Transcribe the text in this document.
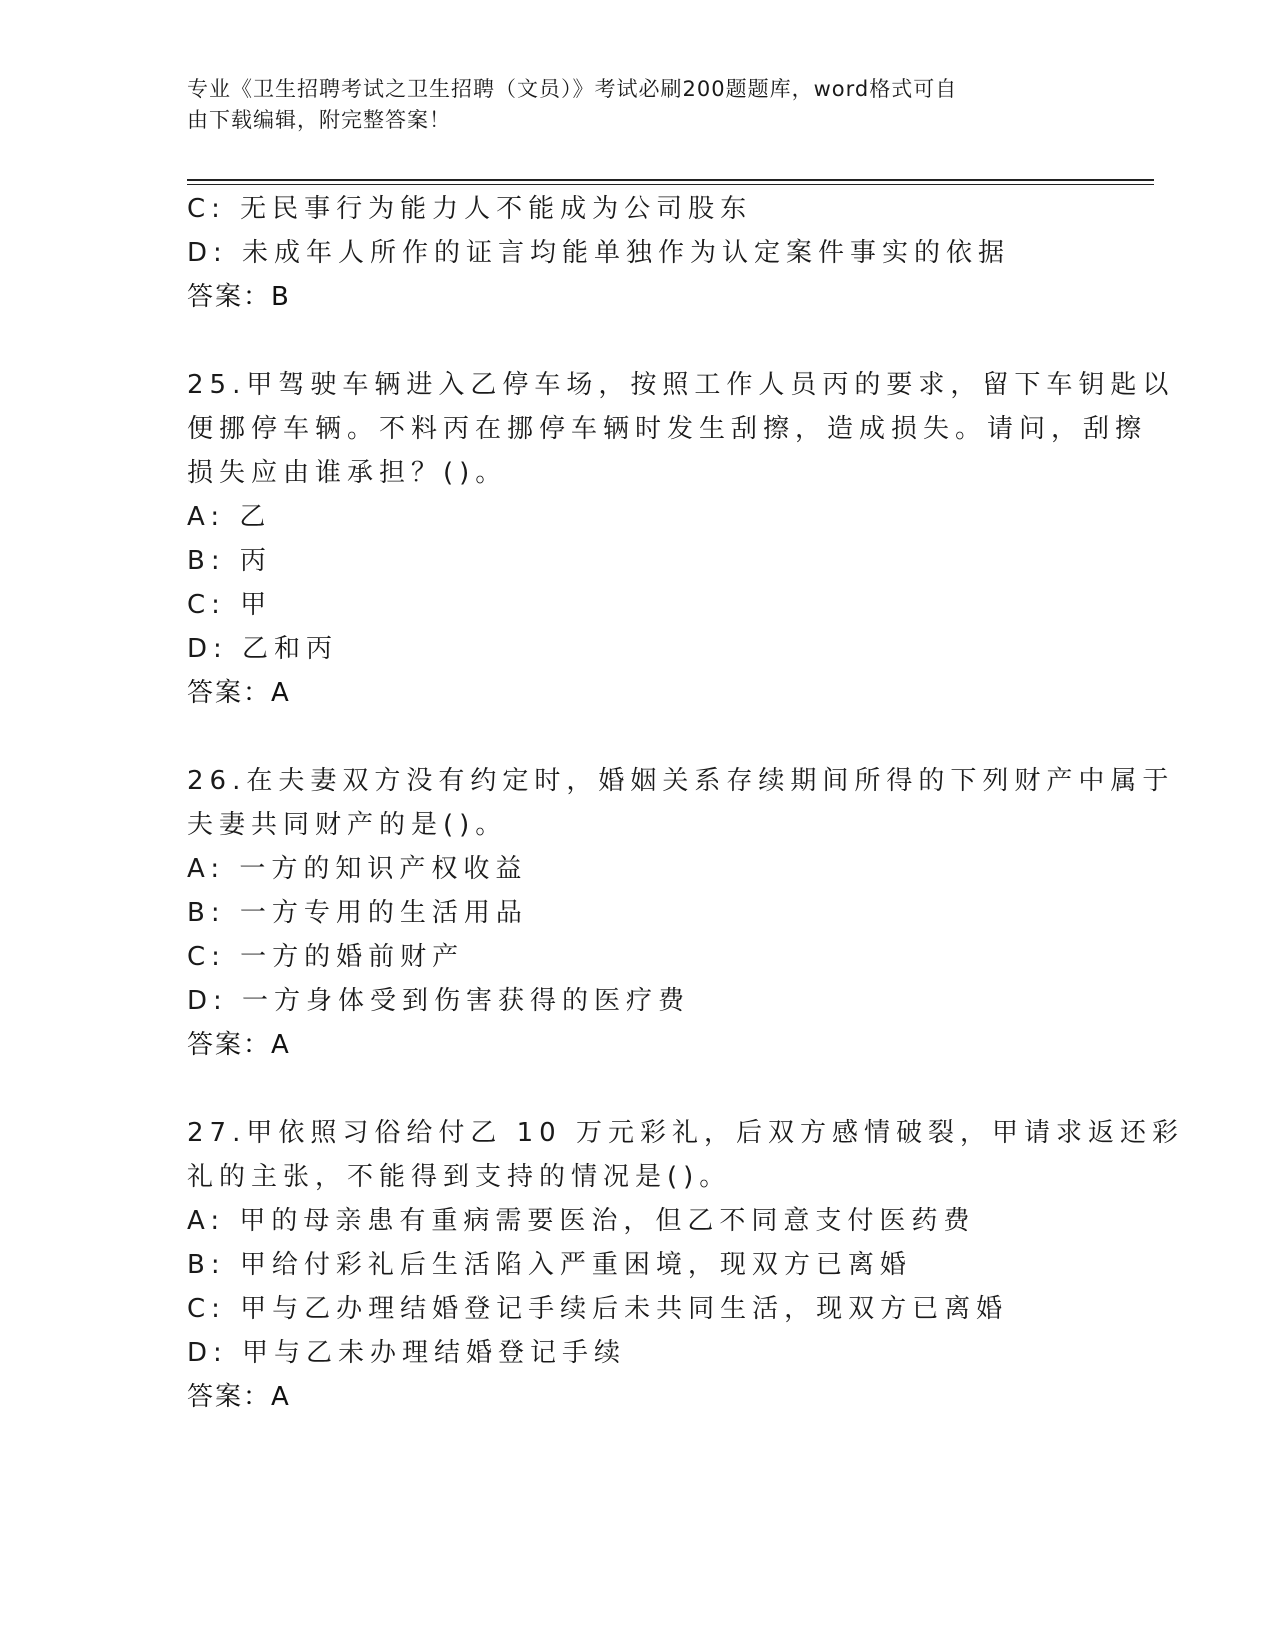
专业《卫生招聘考试之卫生招聘（文员）》考试必刷200题题库，word格式可自
由下载编辑，附完整答案！
C: 无民事行为能力人不能成为公司股东
D: 未成年人所作的证言均能单独作为认定案件事实的依据
答案：B
25.甲驾驶车辆进入乙停车场，按照工作人员丙的要求，留下车钥匙以
便挪停车辆。不料丙在挪停车辆时发生刮擦，造成损失。请问，刮擦
损失应由谁承担？()。
A: 乙
B: 丙
C: 甲
D: 乙和丙
答案：A
26.在夫妻双方没有约定时，婚姻关系存续期间所得的下列财产中属于
夫妻共同财产的是()。
A: 一方的知识产权收益
B: 一方专用的生活用品
C: 一方的婚前财产
D: 一方身体受到伤害获得的医疗费
答案：A
27.甲依照习俗给付乙 10 万元彩礼，后双方感情破裂，甲请求返还彩
礼的主张，不能得到支持的情况是()。
A: 甲的母亲患有重病需要医治，但乙不同意支付医药费
B: 甲给付彩礼后生活陷入严重困境，现双方已离婚
C: 甲与乙办理结婚登记手续后未共同生活，现双方已离婚
D: 甲与乙未办理结婚登记手续
答案：A
